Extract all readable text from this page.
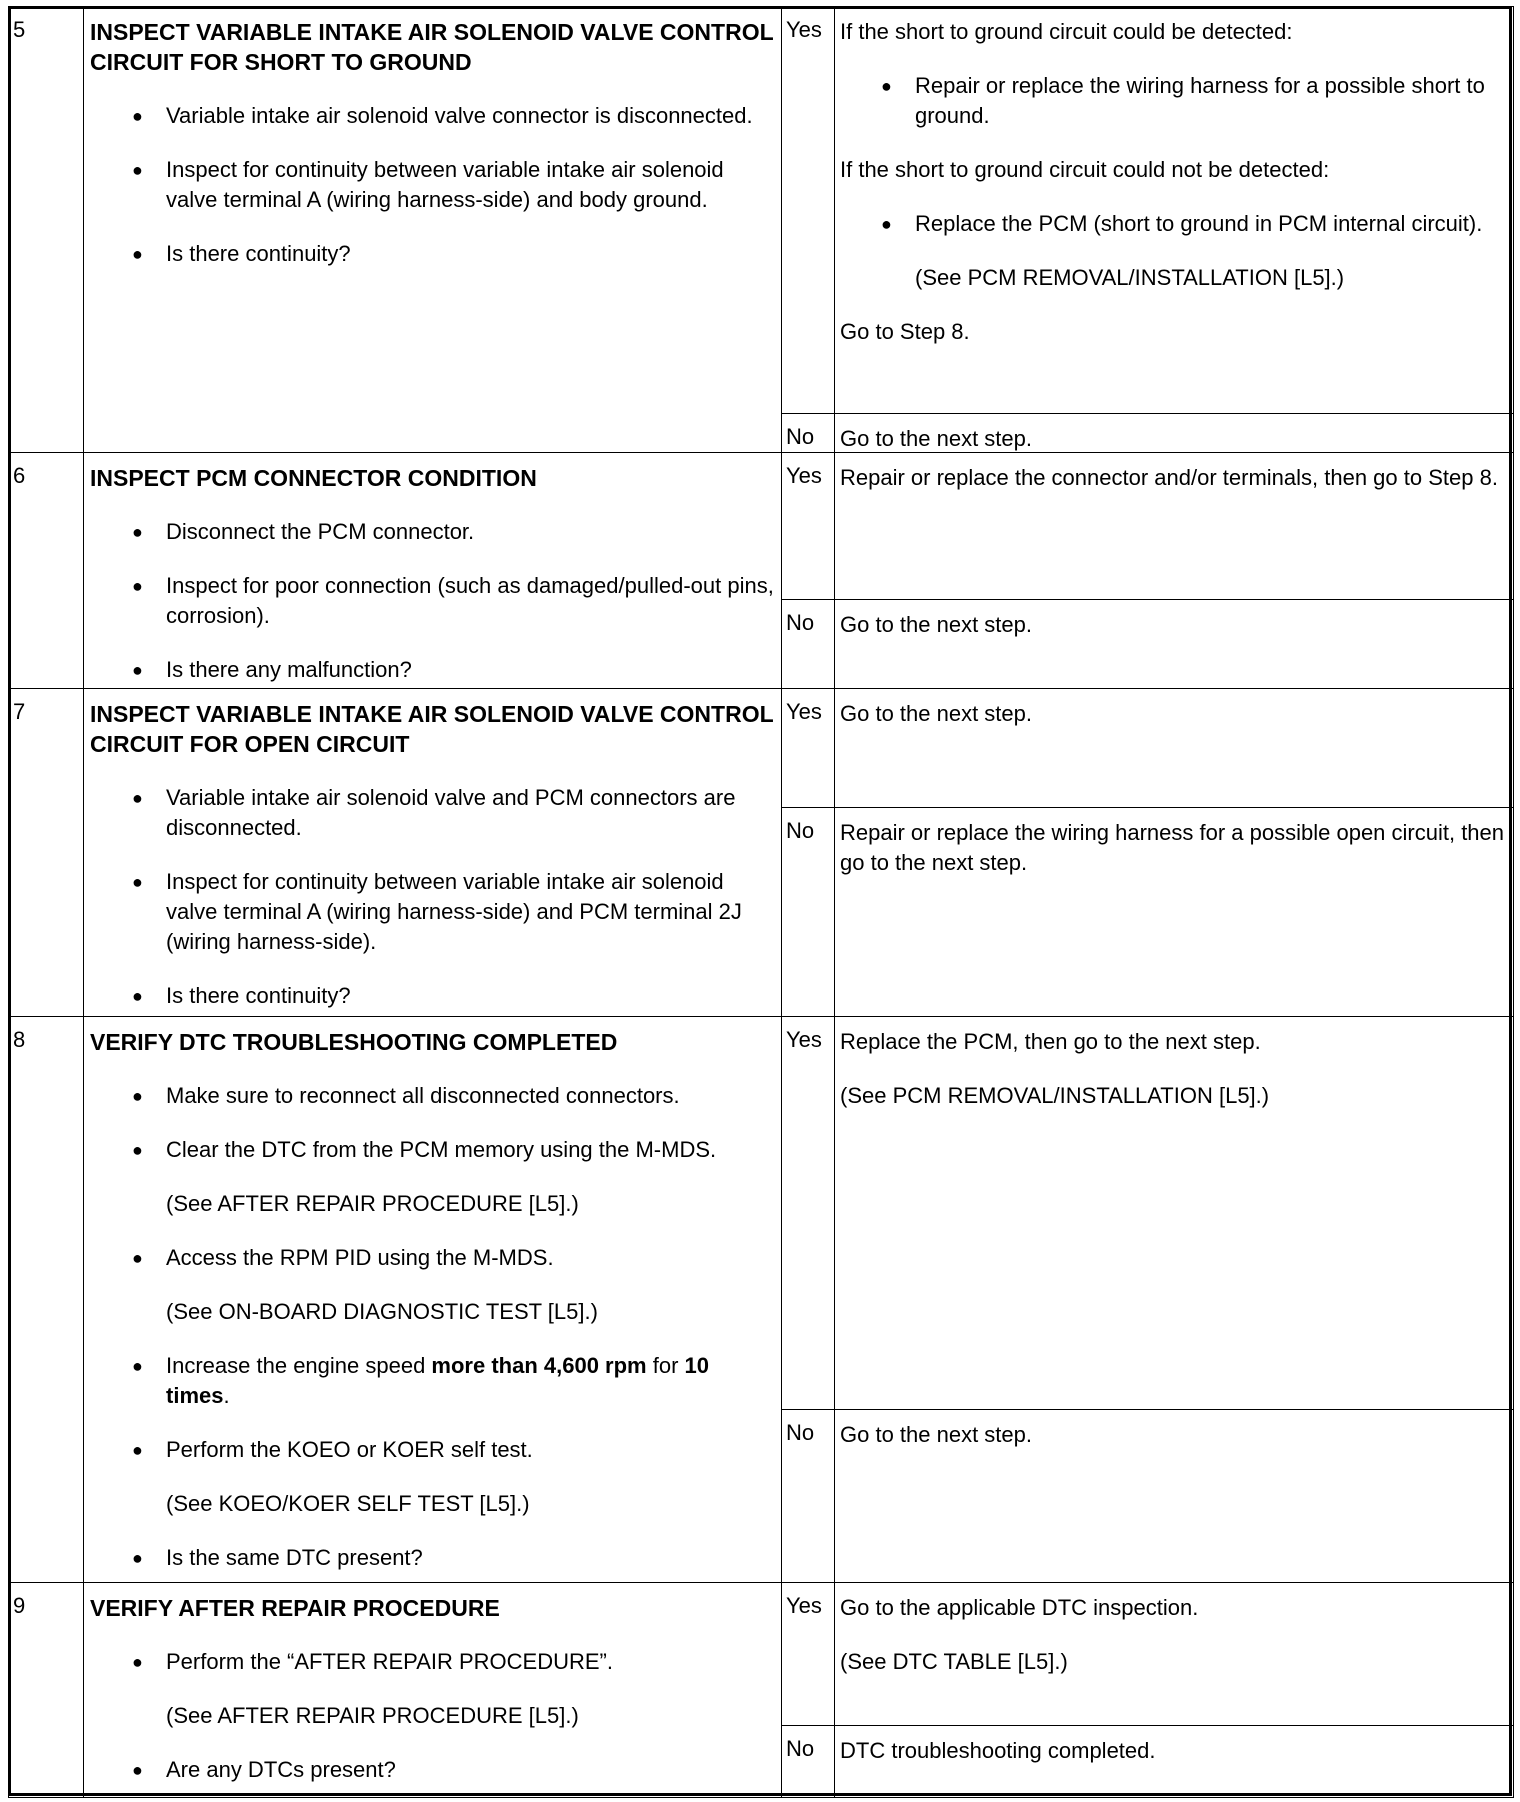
5	INSPECT VARIABLE INTAKE AIR SOLENOID VALVE CONTROL CIRCUIT FOR SHORT TO GROUND
● Variable intake air solenoid valve connector is disconnected.
● Inspect for continuity between variable intake air solenoid valve terminal A (wiring harness-side) and body ground.
● Is there continuity?
Yes If the short to ground circuit could be detected:

● Repair or replace the wiring harness for a possible short to ground.

If the short to ground circuit could not be detected:

● Replace the PCM (short to ground in PCM internal circuit).

(See PCM REMOVAL/INSTALLATION [L5].)

Go to Step 8.

No	Go to the next step.

6	INSPECT PCM CONNECTOR CONDITION
● Disconnect the PCM connector.
● Inspect for poor connection (such as damaged/pulled-out pins, corrosion).
● Is there any malfunction?
Yes Repair or replace the connector and/or terminals, then go to Step 8.

No	Go to the next step.

7	INSPECT VARIABLE INTAKE AIR SOLENOID VALVE CONTROL CIRCUIT FOR OPEN CIRCUIT
● Variable intake air solenoid valve and PCM connectors are disconnected.
● Inspect for continuity between variable intake air solenoid valve terminal A (wiring harness-side) and PCM terminal 2J (wiring harness-side).
● Is there continuity?
Yes Go to the next step.

No	Repair or replace the wiring harness for a possible open circuit, then go to the next step.

8	VERIFY DTC TROUBLESHOOTING COMPLETED
● Make sure to reconnect all disconnected connectors.
● Clear the DTC from the PCM memory using the M-MDS.
(See AFTER REPAIR PROCEDURE [L5].)
● Access the RPM PID using the M-MDS.
(See ON-BOARD DIAGNOSTIC TEST [L5].)
● Increase the engine speed more than 4,600 rpm for 10 times.
● Perform the KOEO or KOER self test.
(See KOEO/KOER SELF TEST [L5].)
● Is the same DTC present?
Yes Replace the PCM, then go to the next step.

(See PCM REMOVAL/INSTALLATION [L5].)

No	Go to the next step.

9	VERIFY AFTER REPAIR PROCEDURE
● Perform the “AFTER REPAIR PROCEDURE”.
(See AFTER REPAIR PROCEDURE [L5].)
● Are any DTCs present?
Yes Go to the applicable DTC inspection.

(See DTC TABLE [L5].)

No	DTC troubleshooting completed.
